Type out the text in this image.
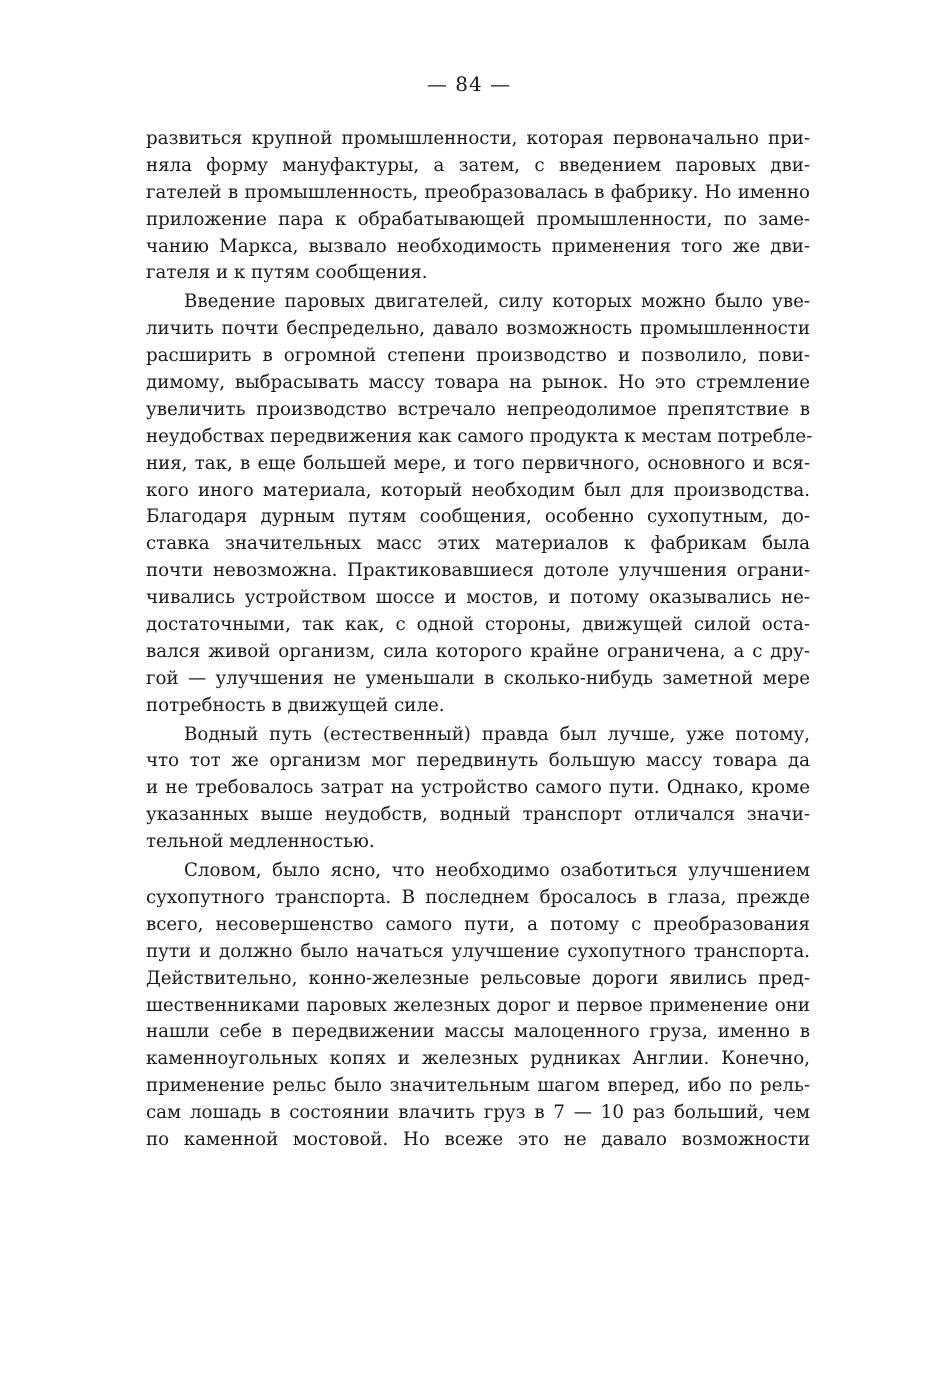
— 84 —
развиться крупной промышленности, которая первоначально при-
няла форму мануфактуры, а затем, с введением паровых дви-
гателей в промышленность, преобразовалась в фабрику. Но именно
приложение пара к обрабатывающей промышленности, по заме-
чанию Маркса, вызвало необходимость применения того же дви-
гателя и к путям сообщения.
Введение паровых двигателей, силу которых можно было уве-
личить почти беспредельно, давало возможность промышленности
расширить в огромной степени производство и позволило, пови-
димому, выбрасывать массу товара на рынок. Но это стремление
увеличить производство встречало непреодолимое препятствие в
неудобствах передвижения как самого продукта к местам потребле-
ния, так, в еще большей мере, и того первичного, основного и вся-
кого иного материала, который необходим был для производства.
Благодаря дурным путям сообщения, особенно сухопутным, до-
ставка значительных масс этих материалов к фабрикам была
почти невозможна. Практиковавшиеся дотоле улучшения ограни-
чивались устройством шоссе и мостов, и потому оказывались не-
достаточными, так как, с одной стороны, движущей силой оста-
вался живой организм, сила которого крайне ограничена, а с дру-
гой — улучшения не уменьшали в сколько-нибудь заметной мере
потребность в движущей силе.
Водный путь (естественный) правда был лучше, уже потому,
что тот же организм мог передвинуть большую массу товара да
и не требовалось затрат на устройство самого пути. Однако, кроме
указанных выше неудобств, водный транспорт отличался значи-
тельной медленностью.
Словом, было ясно, что необходимо озаботиться улучшением
сухопутного транспорта. В последнем бросалось в глаза, прежде
всего, несовершенство самого пути, а потому с преобразования
пути и должно было начаться улучшение сухопутного транспорта.
Действительно, конно-железные рельсовые дороги явились пред-
шественниками паровых железных дорог и первое применение они
нашли себе в передвижении массы малоценного груза, именно в
каменноугольных копях и железных рудниках Англии. Конечно,
применение рельс было значительным шагом вперед, ибо по рель-
сам лошадь в состоянии влачить груз в 7 — 10 раз больший, чем
по каменной мостовой. Но всеже это не давало возможности
